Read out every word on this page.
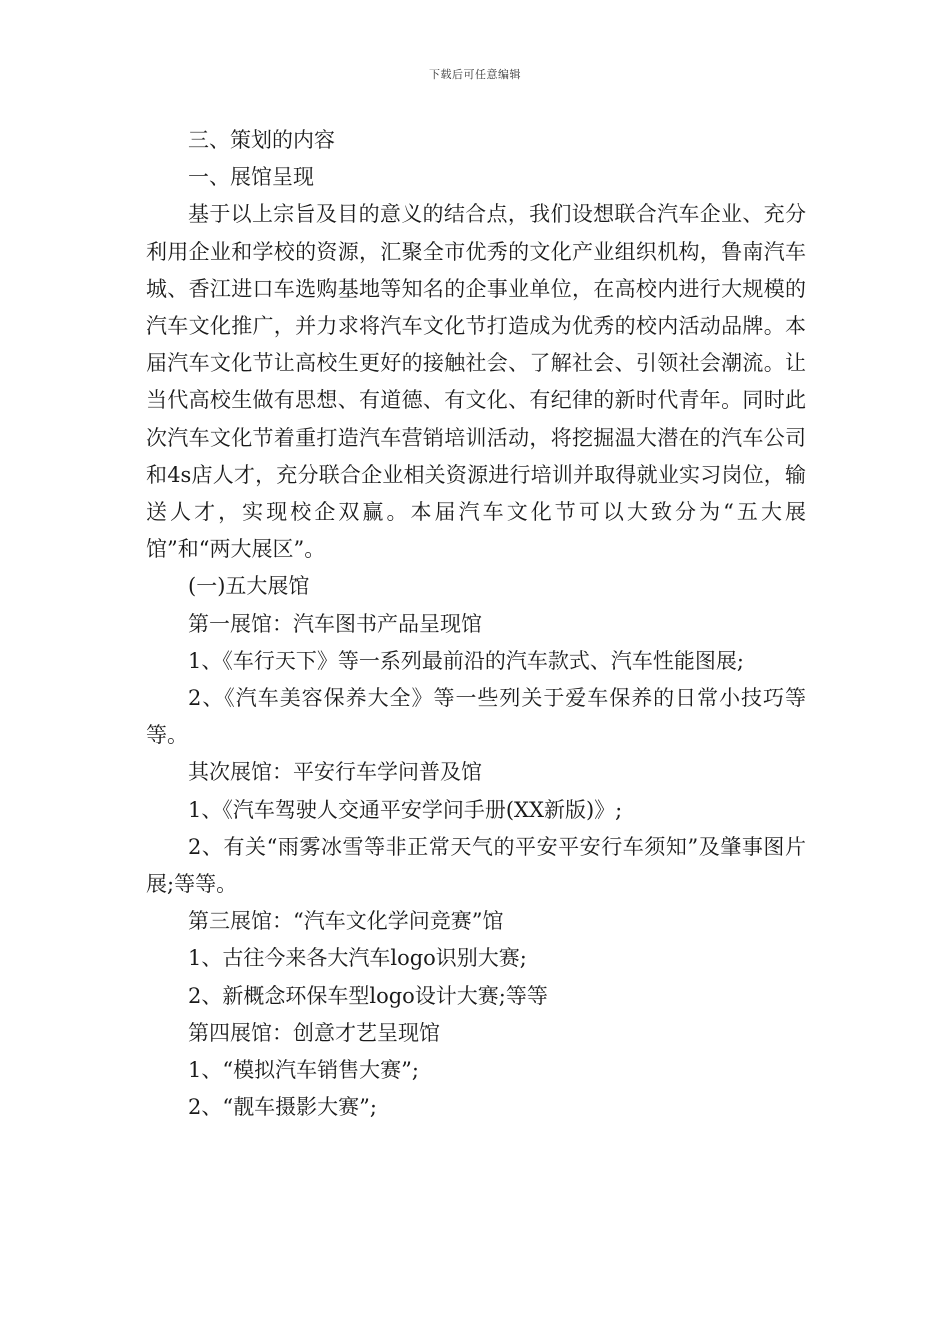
下载后可任意编辑

三、策划的内容

一、展馆呈现

基于以上宗旨及目的意义的结合点，我们设想联合汽车企业、充分利用企业和学校的资源，汇聚全市优秀的文化产业组织机构，鲁南汽车城、香江进口车选购基地等知名的企事业单位，在高校内进行大规模的汽车文化推广，并力求将汽车文化节打造成为优秀的校内活动品牌。本届汽车文化节让高校生更好的接触社会、了解社会、引领社会潮流。让当代高校生做有思想、有道德、有文化、有纪律的新时代青年。同时此次汽车文化节着重打造汽车营销培训活动，将挖掘温大潜在的汽车公司和4s店人才，充分联合企业相关资源进行培训并取得就业实习岗位，输送人才，实现校企双赢。本届汽车文化节可以大致分为“五大展馆”和“两大展区”。

(一)五大展馆

第一展馆：汽车图书产品呈现馆

1、《车行天下》等一系列最前沿的汽车款式、汽车性能图展;

2、《汽车美容保养大全》等一些列关于爱车保养的日常小技巧等等。

其次展馆：平安行车学问普及馆

1、《汽车驾驶人交通平安学问手册(XX新版)》;

2、有关“雨雾冰雪等非正常天气的平安平安行车须知”及肇事图片展;等等。

第三展馆：“汽车文化学问竞赛”馆

1、古往今来各大汽车logo识别大赛;

2、新概念环保车型logo设计大赛;等等

第四展馆：创意才艺呈现馆

1、“模拟汽车销售大赛”;

2、“靓车摄影大赛”;
